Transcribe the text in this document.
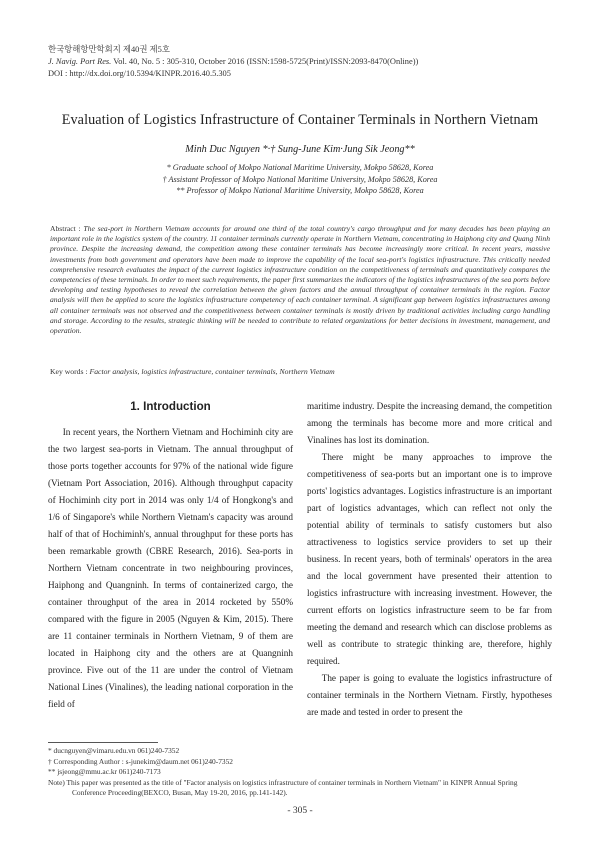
한국항해항만학회지 제40권 제5호
J. Navig. Port Res. Vol. 40, No. 5 : 305-310, October 2016 (ISSN:1598-5725(Print)/ISSN:2093-8470(Online))
DOI : http://dx.doi.org/10.5394/KINPR.2016.40.5.305
Evaluation of Logistics Infrastructure of Container Terminals in Northern Vietnam
Minh Duc Nguyen *·† Sung-June Kim·Jung Sik Jeong**
* Graduate school of Mokpo National Maritime University, Mokpo 58628, Korea
† Assistant Professor of Mokpo National Maritime University, Mokpo 58628, Korea
** Professor of Mokpo National Maritime University, Mokpo 58628, Korea
Abstract : The sea-port in Northern Vietnam accounts for around one third of the total country's cargo throughput and for many decades has been playing an important role in the logistics system of the country. 11 container terminals currently operate in Northern Vietnam, concentrating in Haiphong city and Quang Ninh province. Despite the increasing demand, the competition among these container terminals has become increasingly more critical. In recent years, massive investments from both government and operators have been made to improve the capability of the local sea-port's logistics infrastructure. This critically needed comprehensive research evaluates the impact of the current logistics infrastructure condition on the competitiveness of terminals and quantitatively compares the competencies of these terminals. In order to meet such requirements, the paper first summarizes the indicators of the logistics infrastructures of the sea ports before developing and testing hypotheses to reveal the correlation between the given factors and the annual throughput of container terminals in the region. Factor analysis will then be applied to score the logistics infrastructure competency of each container terminal. A significant gap between logistics infrastructures among all container terminals was not observed and the competitiveness between container terminals is mostly driven by traditional activities including cargo handling and storage. According to the results, strategic thinking will be needed to contribute to related organizations for better decisions in investment, management, and operation.
Key words : Factor analysis, logistics infrastructure, container terminals, Northern Vietnam
1. Introduction

In recent years, the Northern Vietnam and Hochiminh city are the two largest sea-ports in Vietnam. The annual throughput of those ports together accounts for 97% of the national wide figure (Vietnam Port Association, 2016). Although throughput capacity of Hochiminh city port in 2014 was only 1/4 of Hongkong's and 1/6 of Singapore's while Northern Vietnam's capacity was around half of that of Hochiminh's, annual throughput for these ports has been remarkable growth (CBRE Research, 2016). Sea-ports in Northern Vietnam concentrate in two neighbouring provinces, Haiphong and Quangninh. In terms of containerized cargo, the container throughput of the area in 2014 rocketed by 550% compared with the figure in 2005 (Nguyen & Kim, 2015). There are 11 container terminals in Northern Vietnam, 9 of them are located in Haiphong city and the others are at Quangninh province. Five out of the 11 are under the control of Vietnam National Lines (Vinalines), the leading national corporation in the field of

maritime industry. Despite the increasing demand, the competition among the terminals has become more and more critical and Vinalines has lost its domination.

There might be many approaches to improve the competitiveness of sea-ports but an important one is to improve ports' logistics advantages. Logistics infrastructure is an important part of logistics advantages, which can reflect not only the potential ability of terminals to satisfy customers but also attractiveness to logistics service providers to set up their business. In recent years, both of terminals' operators in the area and the local government have presented their attention to logistics infrastructure with increasing investment. However, the current efforts on logistics infrastructure seem to be far from meeting the demand and research which can disclose problems as well as contribute to strategic thinking are, therefore, highly required.

The paper is going to evaluate the logistics infrastructure of container terminals in the Northern Vietnam. Firstly, hypotheses are made and tested in order to present the

* ducnguyen@vimaru.edu.vn 061)240-7352
† Corresponding Author : s-junekim@daum.net 061)240-7352
** jsjeong@mmu.ac.kr 061)240-7173
Note) This paper was presented as the title of "Factor analysis on logistics infrastructure of container terminals in Northern Vietnam" in KINPR Annual Spring Conference Proceeding(BEXCO, Busan, May 19-20, 2016, pp.141-142).
- 305 -
